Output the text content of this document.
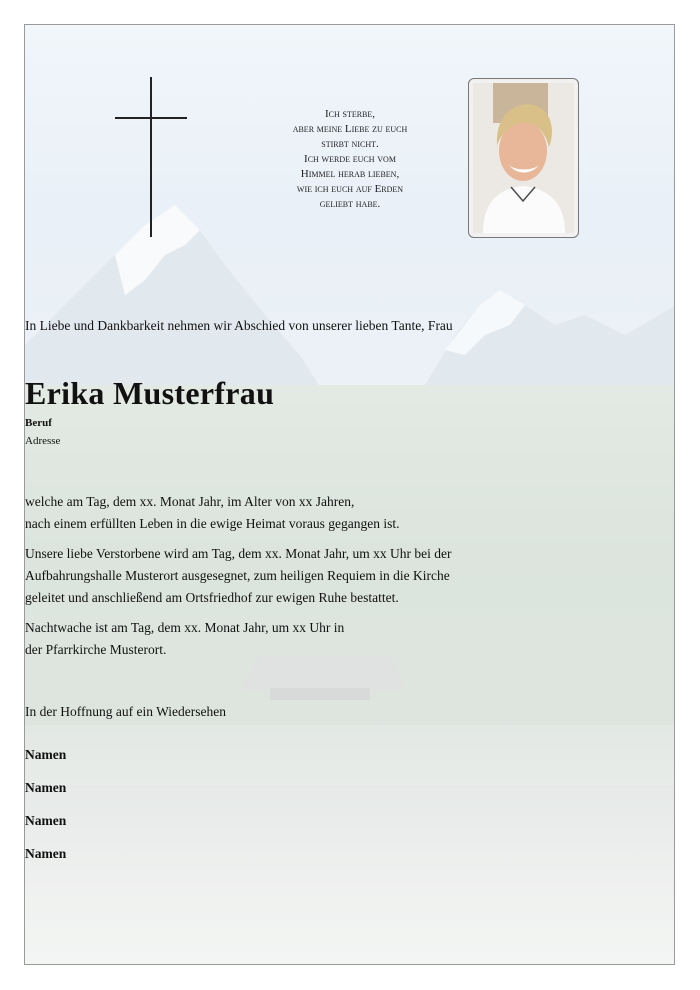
Ich sterbe,
aber meine Liebe zu euch
stirbt nicht.
Ich werde euch vom
Himmel herab lieben,
wie ich euch auf Erden
geliebt habe.
In Liebe und Dankbarkeit nehmen wir Abschied von unserer lieben Tante, Frau
Erika Musterfrau
Beruf
Adresse
welche am Tag, dem xx. Monat Jahr, im Alter von xx Jahren,
nach einem erfüllten Leben in die ewige Heimat voraus gegangen ist.
Unsere liebe Verstorbene wird am Tag, dem xx. Monat Jahr, um xx Uhr bei der
Aufbahrungshalle Musterort ausgesegnet, zum heiligen Requiem in die Kirche
geleitet und anschließend am Ortsfriedhof zur ewigen Ruhe bestattet.
Nachtwache ist am Tag, dem xx. Monat Jahr, um xx Uhr in
der Pfarrkirche Musterort.
In der Hoffnung auf ein Wiedersehen
Namen
Namen
Namen
Namen
